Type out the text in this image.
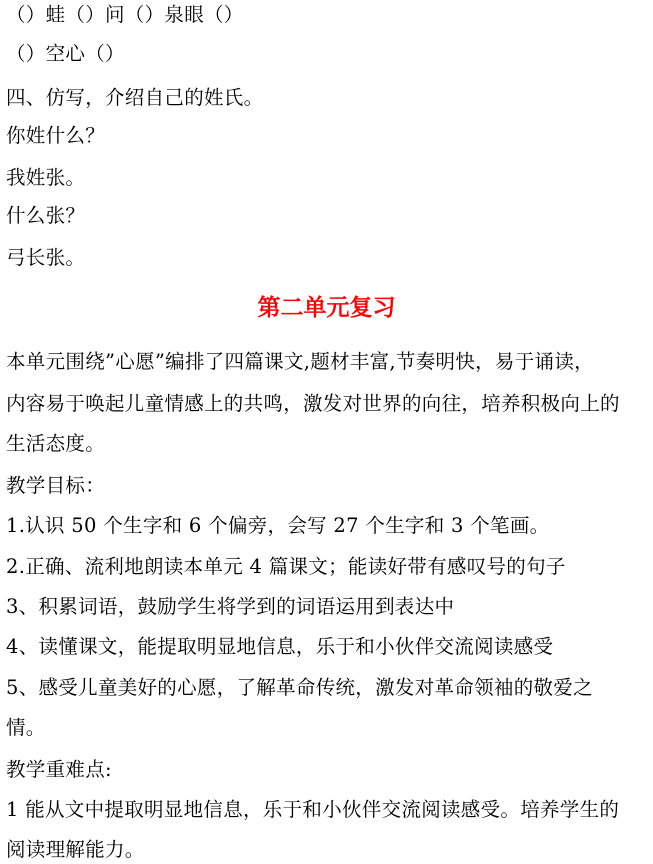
（）蛙（）问（）泉眼（）
（）空心（）
四、仿写，介绍自己的姓氏。
你姓什么？
我姓张。
什么张？
弓长张。
第二单元复习
本单元围绕”心愿”编排了四篇课文,题材丰富,节奏明快，易于诵读，
内容易于唤起儿童情感上的共鸣，激发对世界的向往，培养积极向上的
生活态度。
教学目标：
1.认识 50 个生字和 6 个偏旁，会写 27 个生字和 3 个笔画。
2.正确、流利地朗读本单元 4 篇课文；能读好带有感叹号的句子
3、积累词语，鼓励学生将学到的词语运用到表达中
4、读懂课文，能提取明显地信息，乐于和小伙伴交流阅读感受
5、感受儿童美好的心愿，了解革命传统，激发对革命领袖的敬爱之
情。
教学重难点:
1 能从文中提取明显地信息，乐于和小伙伴交流阅读感受。培养学生的
阅读理解能力。
